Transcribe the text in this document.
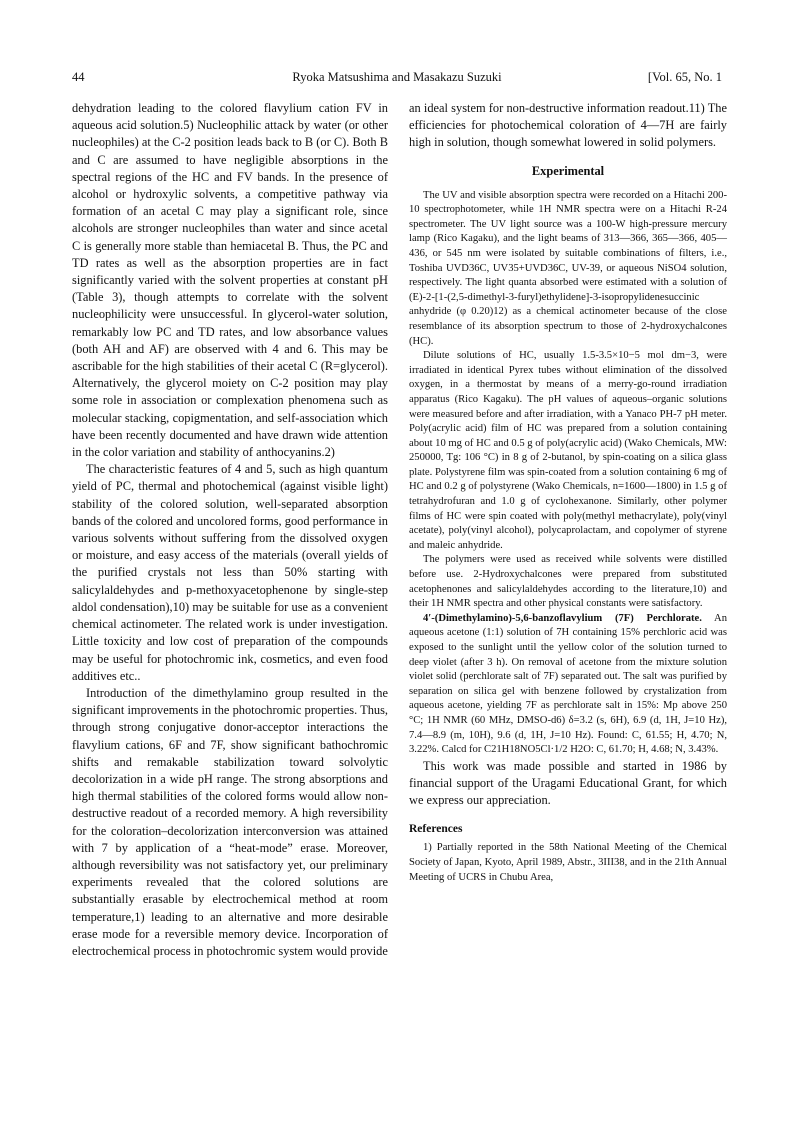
44	Ryoka Matsushima and Masakazu Suzuki	[Vol. 65, No. 1

dehydration leading to the colored flavylium cation FV in aqueous acid solution.5) Nucleophilic attack by water (or other nucleophiles) at the C-2 position leads back to B (or C). Both B and C are assumed to have negligible absorptions in the spectral regions of the HC and FV bands. In the presence of alcohol or hydroxylic solvents, a competitive pathway via formation of an acetal C may play a significant role, since alcohols are stronger nucleophiles than water and since acetal C is generally more stable than hemiacetal B. Thus, the PC and TD rates as well as the absorption properties are in fact significantly varied with the solvent properties at constant pH (Table 3), though attempts to correlate with the solvent nucleophilicity were unsuccessful. In glycerol-water solution, remarkably low PC and TD rates, and low absorbance values (both AH and AF) are observed with 4 and 6. This may be ascribable for the high stabilities of their acetal C (R=glycerol). Alternatively, the glycerol moiety on C-2 position may play some role in association or complexation phenomena such as molecular stacking, copigmentation, and self-association which have been recently documented and have drawn wide attention in the color variation and stability of anthocyanins.2)

The characteristic features of 4 and 5, such as high quantum yield of PC, thermal and photochemical (against visible light) stability of the colored solution, well-separated absorption bands of the colored and uncolored forms, good performance in various solvents without suffering from the dissolved oxygen or moisture, and easy access of the materials (overall yields of the purified crystals not less than 50% starting with salicylaldehydes and p-methoxyacetophenone by single-step aldol condensation),10) may be suitable for use as a convenient chemical actinometer. The related work is under investigation. Little toxicity and low cost of preparation of the compounds may be useful for photochromic ink, cosmetics, and even food additives etc..

Introduction of the dimethylamino group resulted in the significant improvements in the photochromic properties. Thus, through strong conjugative donor-acceptor interactions the flavylium cations, 6F and 7F, show significant bathochromic shifts and remakable stabilization toward solvolytic decolorization in a wide pH range. The strong absorptions and high thermal stabilities of the colored forms would allow non-destructive readout of a recorded memory. A high reversibility for the coloration–decolorization interconversion was attained with 7 by application of a “heat-mode” erase. Moreover, although reversibility was not satisfactory yet, our preliminary experiments revealed that the colored solutions are substantially erasable by electrochemical method at room temperature,1) leading to an alternative and more desirable erase mode for a reversible memory device. Incorporation of electrochemical process in photochromic system would provide

an ideal system for non-destructive information readout.11) The efficiencies for photochemical coloration of 4—7H are fairly high in solution, though somewhat lowered in solid polymers.

Experimental

The UV and visible absorption spectra were recorded on a Hitachi 200-10 spectrophotometer, while 1H NMR spectra were on a Hitachi R-24 spectrometer. The UV light source was a 100-W high-pressure mercury lamp (Rico Kagaku), and the light beams of 313—366, 365—366, 405—436, or 545 nm were isolated by suitable combinations of filters, i.e., Toshiba UVD36C, UV35+UVD36C, UV-39, or aqueous NiSO4 solution, respectively. The light quanta absorbed were estimated with a solution of (E)-2-[1-(2,5-dimethyl-3-furyl)ethylidene]-3-isopropylidenesuccinic anhydride (φ 0.20)12) as a chemical actinometer because of the close resemblance of its absorption spectrum to those of 2-hydroxychalcones (HC).

Dilute solutions of HC, usually 1.5-3.5×10−5 mol dm−3, were irradiated in identical Pyrex tubes without elimination of the dissolved oxygen, in a thermostat by means of a merry-go-round irradiation apparatus (Rico Kagaku). The pH values of aqueous–organic solutions were measured before and after irradiation, with a Yanaco PH-7 pH meter. Poly(acrylic acid) film of HC was prepared from a solution containing about 10 mg of HC and 0.5 g of poly(acrylic acid) (Wako Chemicals, MW: 250000, Tg: 106 °C) in 8 g of 2-butanol, by spin-coating on a silica glass plate. Polystyrene film was spin-coated from a solution containing 6 mg of HC and 0.2 g of polystyrene (Wako Chemicals, n=1600—1800) in 1.5 g of tetrahydrofuran and 1.0 g of cyclohexanone. Similarly, other polymer films of HC were spin coated with poly(methyl methacrylate), poly(vinyl acetate), poly(vinyl alcohol), polycaprolactam, and copolymer of styrene and maleic anhydride.

The polymers were used as received while solvents were distilled before use. 2-Hydroxychalcones were prepared from substituted acetophenones and salicylaldehydes according to the literature,10) and their 1H NMR spectra and other physical constants were satisfactory.

4′-(Dimethylamino)-5,6-banzoflavylium (7F) Perchlorate. An aqueous acetone (1:1) solution of 7H containing 15% perchloric acid was exposed to the sunlight until the yellow color of the solution turned to deep violet (after 3 h). On removal of acetone from the mixture solution violet solid (perchlorate salt of 7F) separated out. The salt was purified by separation on silica gel with benzene followed by crystalization from aqueous acetone, yielding 7F as perchlorate salt in 15%: Mp above 250 °C; 1H NMR (60 MHz, DMSO-d6) δ=3.2 (s, 6H), 6.9 (d, 1H, J=10 Hz), 7.4—8.9 (m, 10H), 9.6 (d, 1H, J=10 Hz). Found: C, 61.55; H, 4.70; N, 3.22%. Calcd for C21H18NO5Cl·1/2 H2O: C, 61.70; H, 4.68; N, 3.43%.

This work was made possible and started in 1986 by financial support of the Uragami Educational Grant, for which we express our appreciation.

References

1) Partially reported in the 58th National Meeting of the Chemical Society of Japan, Kyoto, April 1989, Abstr., 3III38, and in the 21th Annual Meeting of UCRS in Chubu Area,
